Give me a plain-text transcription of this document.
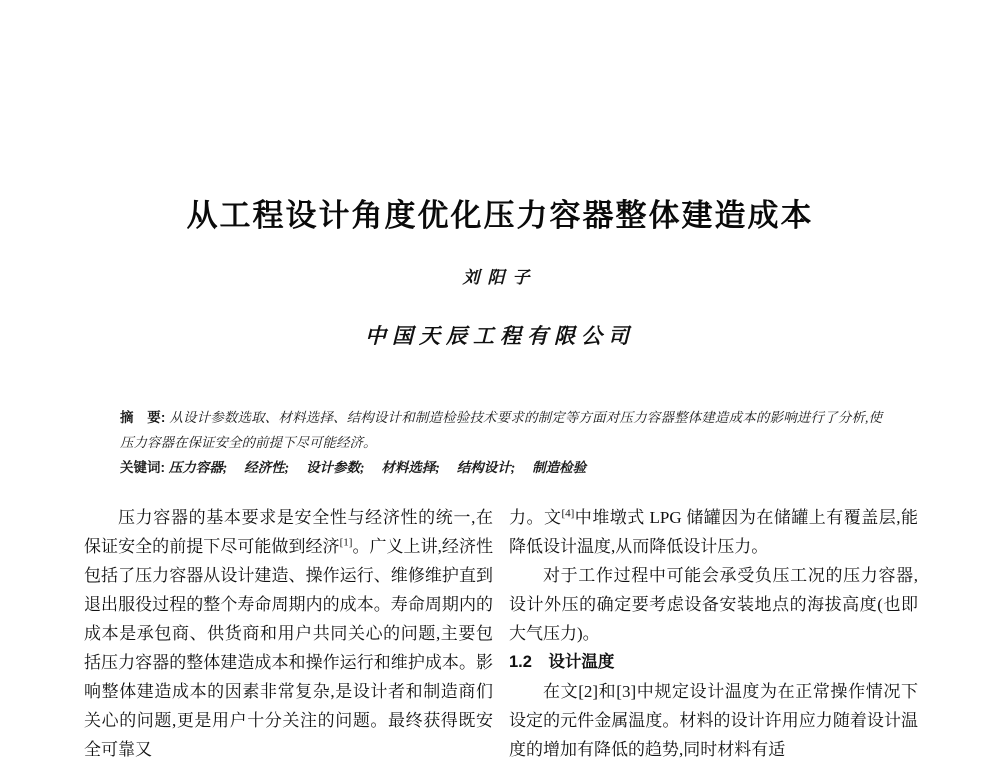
从工程设计角度优化压力容器整体建造成本
刘阳子
中国天辰工程有限公司

摘　要: 从设计参数选取、材料选择、结构设计和制造检验技术要求的制定等方面对压力容器整体建造成本的影响进行了分析,使压力容器在保证安全的前提下尽可能经济。

关键词: 压力容器;　 经济性;　 设计参数;　 材料选择;　 结构设计;　 制造检验

压力容器的基本要求是安全性与经济性的统一,在保证安全的前提下尽可能做到经济[1]。广义上讲,经济性包括了压力容器从设计建造、操作运行、维修维护直到退出服役过程的整个寿命周期内的成本。寿命周期内的成本是承包商、供货商和用户共同关心的问题,主要包括压力容器的整体建造成本和操作运行和维护成本。影响整体建造成本的因素非常复杂,是设计者和制造商们关心的问题,更是用户十分关注的问题。最终获得既安全可靠又

力。文[4]中堆墩式 LPG 储罐因为在储罐上有覆盖层,能降低设计温度,从而降低设计压力。

对于工作过程中可能会承受负压工况的压力容器,设计外压的确定要考虑设备安装地点的海拔高度(也即大气压力)。

1.2　设计温度

在文[2]和[3]中规定设计温度为在正常操作情况下设定的元件金属温度。材料的设计许用应力随着设计温度的增加有降低的趋势,同时材料有适
